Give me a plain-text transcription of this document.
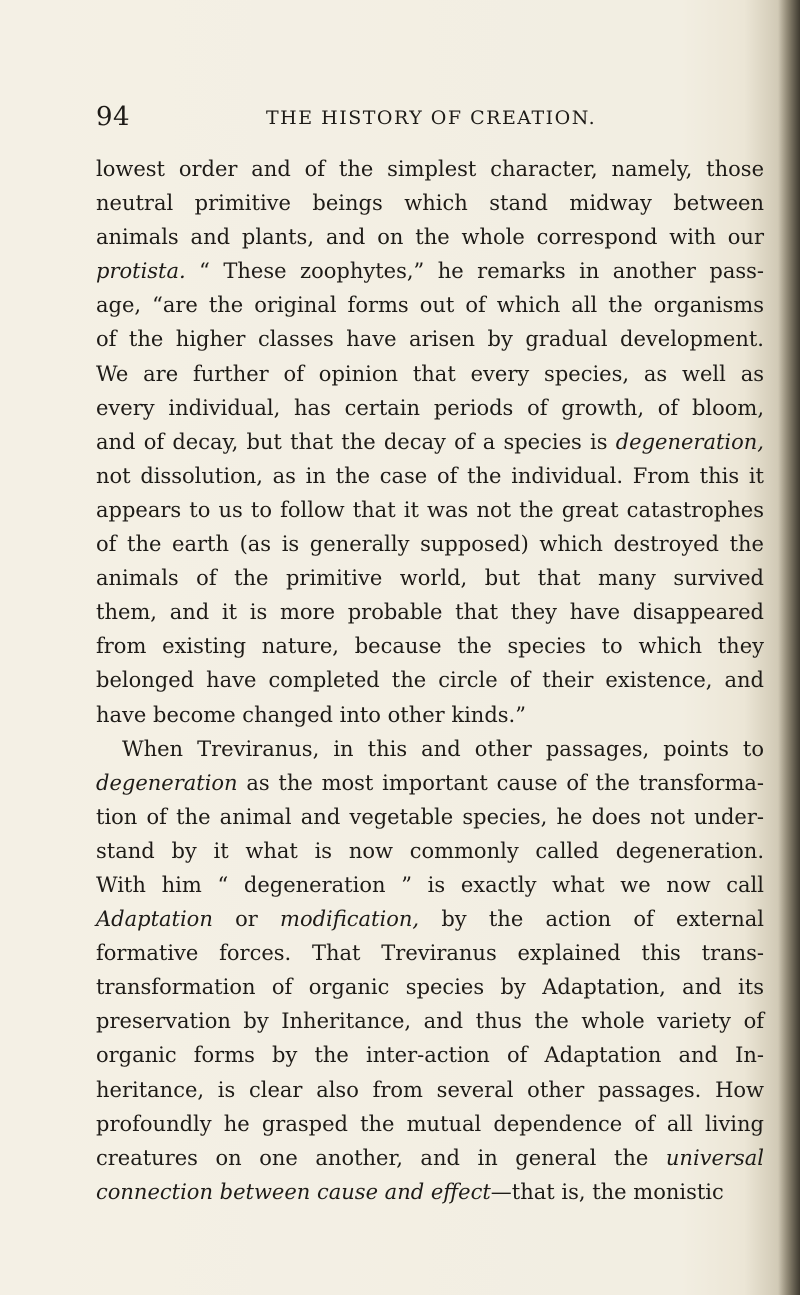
94	THE HISTORY OF CREATION.
lowest order and of the simplest character, namely, those
neutral primitive beings which stand midway between
animals and plants, and on the whole correspond with our
protista. “ These zoophytes,” he remarks in another pass-
age, “are the original forms out of which all the organisms
of the higher classes have arisen by gradual development.
We are further of opinion that every species, as well as
every individual, has certain periods of growth, of bloom,
and of decay, but that the decay of a species is degeneration,
not dissolution, as in the case of the individual. From this it
appears to us to follow that it was not the great catastrophes
of the earth (as is generally supposed) which destroyed the
animals of the primitive world, but that many survived
them, and it is more probable that they have disappeared
from existing nature, because the species to which they
belonged have completed the circle of their existence, and
have become changed into other kinds.”
When Treviranus, in this and other passages, points to
degeneration as the most important cause of the transforma-
tion of the animal and vegetable species, he does not under-
stand by it what is now commonly called degeneration.
With him “ degeneration ” is exactly what we now call
Adaptation or modification, by the action of external
formative forces. That Treviranus explained this trans-
transformation of organic species by Adaptation, and its
preservation by Inheritance, and thus the whole variety of
organic forms by the inter-action of Adaptation and In-
heritance, is clear also from several other passages. How
profoundly he grasped the mutual dependence of all living
creatures on one another, and in general the universal
connection between cause and effect—that is, the monistic
